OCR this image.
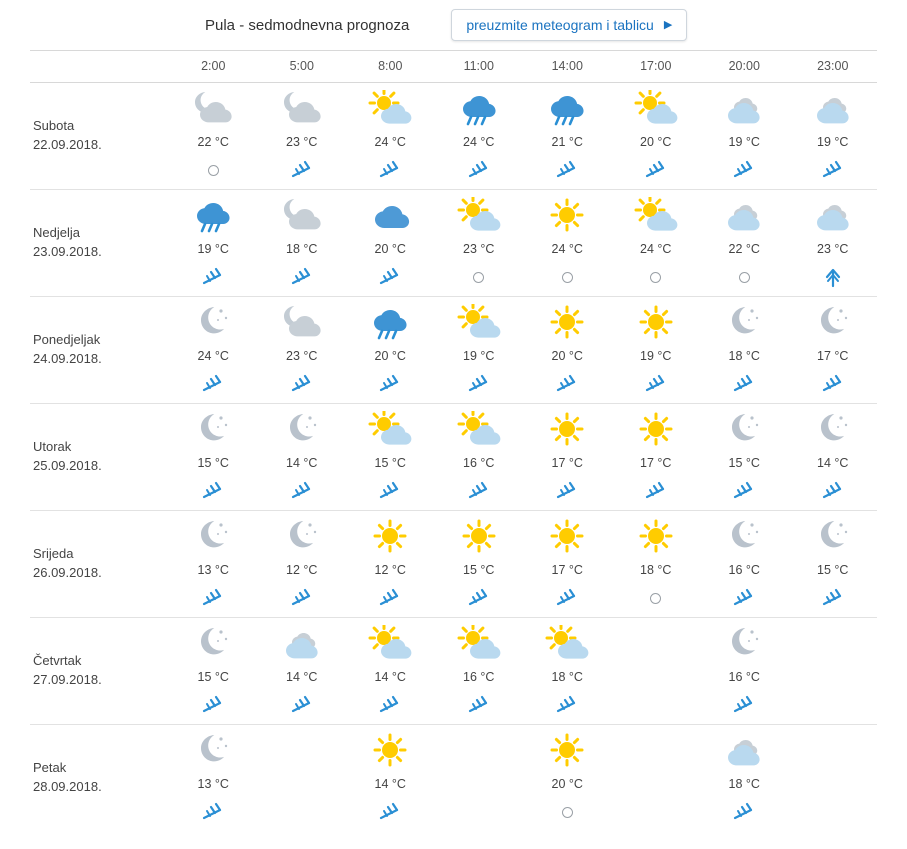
Pula - sedmodnevna prognoza	preuzmite meteogram i tablicu ▶
	2:00	5:00	8:00	11:00	14:00	17:00	20:00	23:00

Subota
22.09.2018.	22 °C	23 °C	24 °C	24 °C	21 °C	20 °C	19 °C	19 °C

Nedjelja
23.09.2018.	19 °C	18 °C	20 °C	23 °C	24 °C	24 °C	22 °C	23 °C

Ponedjeljak
24.09.2018.	24 °C	23 °C	20 °C	19 °C	20 °C	19 °C	18 °C	17 °C

Utorak
25.09.2018.	15 °C	14 °C	15 °C	16 °C	17 °C	17 °C	15 °C	14 °C

Srijeda
26.09.2018.	13 °C	12 °C	12 °C	15 °C	17 °C	18 °C	16 °C	15 °C

Četvrtak
27.09.2018.	15 °C	14 °C	14 °C	16 °C	18 °C		16 °C	

Petak
28.09.2018.	13 °C		14 °C		20 °C		18 °C	
